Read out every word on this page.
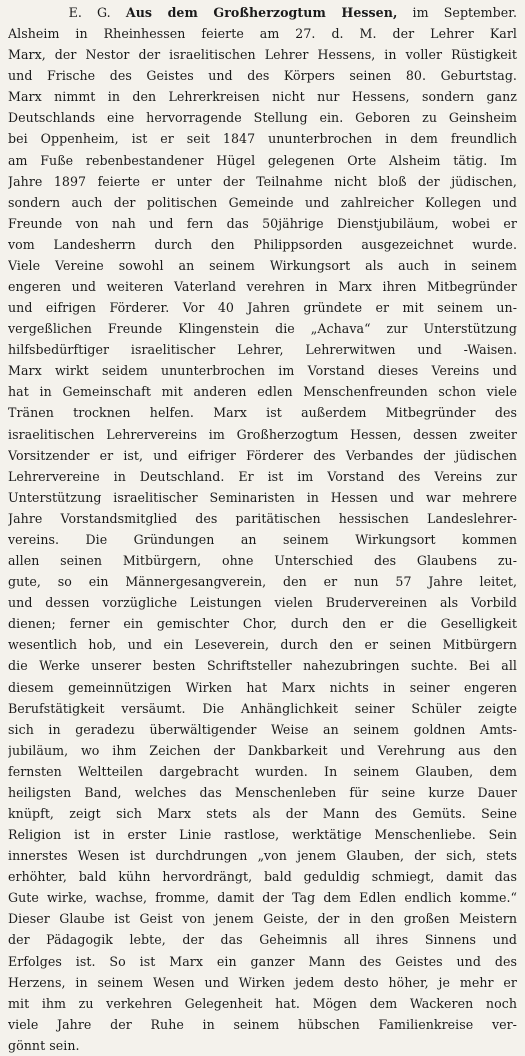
E. G. Aus dem Großherzogtum Hessen, im September.
Alsheim in Rheinhessen feierte am 27. d. M. der Lehrer Karl
Marx, der Nestor der israelitischen Lehrer Hessens, in voller Rüstigkeit
und Frische des Geistes und des Körpers seinen 80. Geburtstag.
Marx nimmt in den Lehrerkreisen nicht nur Hessens, sondern ganz
Deutschlands eine hervorragende Stellung ein. Geboren zu Geinsheim
bei Oppenheim, ist er seit 1847 ununterbrochen in dem freundlich
am Fuße rebenbestandener Hügel gelegenen Orte Alsheim tätig. Im
Jahre 1897 feierte er unter der Teilnahme nicht bloß der jüdischen,
sondern auch der politischen Gemeinde und zahlreicher Kollegen und
Freunde von nah und fern das 50jährige Dienstjubiläum, wobei er
vom Landesherrn durch den Philippsorden ausgezeichnet wurde.
Viele Vereine sowohl an seinem Wirkungsort als auch in seinem
engeren und weiteren Vaterland verehren in Marx ihren Mitbegründer
und eifrigen Förderer. Vor 40 Jahren gründete er mit seinem un-
vergeßlichen Freunde Klingenstein die „Achava“ zur Unterstützung
hilfsbedürftiger israelitischer Lehrer, Lehrerwitwen und -Waisen.
Marx wirkt seidem ununterbrochen im Vorstand dieses Vereins und
hat in Gemeinschaft mit anderen edlen Menschenfreunden schon viele
Tränen trocknen helfen. Marx ist außerdem Mitbegründer des
israelitischen Lehrervereins im Großherzogtum Hessen, dessen zweiter
Vorsitzender er ist, und eifriger Förderer des Verbandes der jüdischen
Lehrervereine in Deutschland. Er ist im Vorstand des Vereins zur
Unterstützung israelitischer Seminaristen in Hessen und war mehrere
Jahre Vorstandsmitglied des paritätischen hessischen Landeslehrer-
vereins. Die Gründungen an seinem Wirkungsort kommen
allen seinen Mitbürgern, ohne Unterschied des Glaubens zu-
gute, so ein Männergesangverein, den er nun 57 Jahre leitet,
und dessen vorzügliche Leistungen vielen Brudervereinen als Vorbild
dienen; ferner ein gemischter Chor, durch den er die Geselligkeit
wesentlich hob, und ein Leseverein, durch den er seinen Mitbürgern
die Werke unserer besten Schriftsteller nahezubringen suchte. Bei all
diesem gemeinnützigen Wirken hat Marx nichts in seiner engeren
Berufstätigkeit versäumt. Die Anhänglichkeit seiner Schüler zeigte
sich in geradezu überwältigender Weise an seinem goldnen Amts-
jubiläum, wo ihm Zeichen der Dankbarkeit und Verehrung aus den
fernsten Weltteilen dargebracht wurden. In seinem Glauben, dem
heiligsten Band, welches das Menschenleben für seine kurze Dauer
knüpft, zeigt sich Marx stets als der Mann des Gemüts. Seine
Religion ist in erster Linie rastlose, werktätige Menschenliebe. Sein
innerstes Wesen ist durchdrungen „von jenem Glauben, der sich, stets
erhöhter, bald kühn hervordrängt, bald geduldig schmiegt, damit das
Gute wirke, wachse, fromme, damit der Tag dem Edlen endlich komme.“
Dieser Glaube ist Geist von jenem Geiste, der in den großen Meistern
der Pädagogik lebte, der das Geheimnis all ihres Sinnens und
Erfolges ist. So ist Marx ein ganzer Mann des Geistes und des
Herzens, in seinem Wesen und Wirken jedem desto höher, je mehr er
mit ihm zu verkehren Gelegenheit hat. Mögen dem Wackeren noch
viele Jahre der Ruhe in seinem hübschen Familienkreise ver-
gönnt sein.
